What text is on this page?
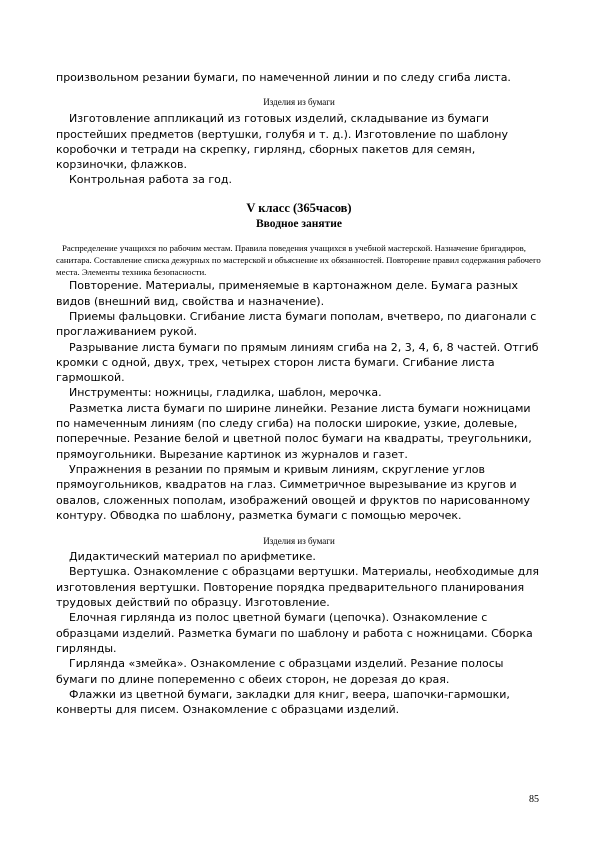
произвольном резании бумаги, по намеченной линии и по следу сгиба листа.

Изделия из бумаги

Изготовление аппликаций из готовых изделий, складывание из бумаги простейших предметов (вертушки, голубя и т. д.). Изготовление по шаблону коробочки и тетради на скрепку, гирлянд, сборных пакетов для семян, корзиночки, флажков.

Контрольная работа за год.

V класс (365часов)

Вводное занятие

Распределение учащихся по рабочим местам. Правила поведения учащихся в учебной мастерской. Назначение бригадиров, санитара. Составление списка дежурных по мастерской и объяснение их обязанностей. Повторение правил содержания рабочего места. Элементы техника безопасности.

Повторение. Материалы, применяемые в картонажном деле. Бумага разных видов (внешний вид, свойства и назначение).

Приемы фальцовки. Сгибание листа бумаги пополам, вчетверо, по диагонали с проглаживанием рукой.

Разрывание листа бумаги по прямым линиям сгиба на 2, 3, 4, 6, 8 частей. Отгиб кромки с одной, двух, трех, четырех сторон листа бумаги. Сгибание листа гармошкой.

Инструменты: ножницы, гладилка, шаблон, мерочка.

Разметка листа бумаги по ширине линейки. Резание листа бумаги ножницами по намеченным линиям (по следу сгиба) на полоски широкие, узкие, долевые, поперечные. Резание белой и цветной полос бумаги на квадраты, треугольники, прямоугольники. Вырезание картинок из журналов и газет.

Упражнения в резании по прямым и кривым линиям, скругление углов прямоугольников, квадратов на глаз. Симметричное вырезывание из кругов и овалов, сложенных пополам, изображений овощей и фруктов по нарисованному контуру. Обводка по шаблону, разметка бумаги с помощью мерочек.

Изделия из бумаги

Дидактический материал по арифметике.

Вертушка. Ознакомление с образцами вертушки. Материалы, необходимые для изготовления вертушки. Повторение порядка предварительного планирования трудовых действий по образцу. Изготовление.

Елочная гирлянда из полос цветной бумаги (цепочка). Ознакомление с образцами изделий. Разметка бумаги по шаблону и работа с ножницами. Сборка гирлянды.

Гирлянда «змейка». Ознакомление с образцами изделий. Резание полосы бумаги по длине попеременно с обеих сторон, не дорезая до края.

Флажки из цветной бумаги, закладки для книг, веера, шапочки-гармошки, конверты для писем. Ознакомление с образцами изделий.

85
